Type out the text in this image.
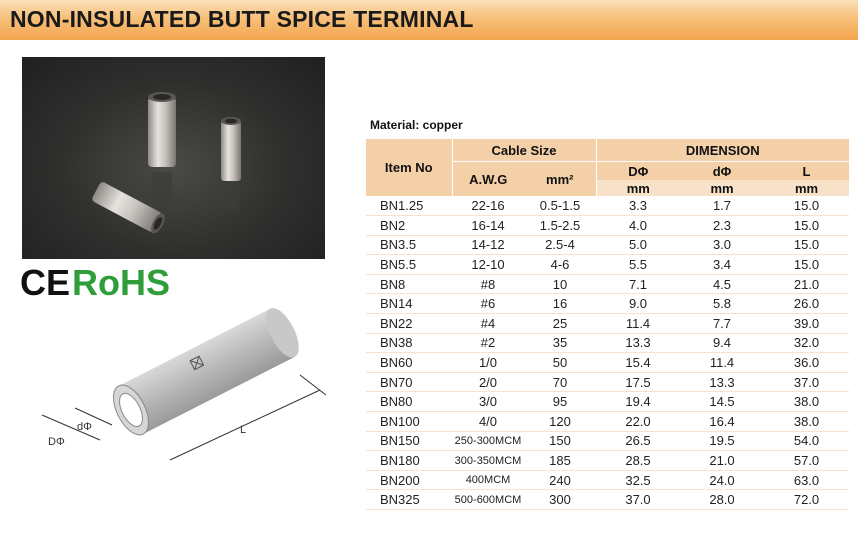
NON-INSULATED BUTT SPICE TERMINAL
CERoHS
DΦ
dΦ	L
Material: copper
Item No	Cable Size		DIMENSION		
	A.W.G	mm²	DΦ	dΦ	L
			mm	mm	mm
BN1.25	22-16	0.5-1.5	3.3	1.7	15.0
BN2	16-14	1.5-2.5	4.0	2.3	15.0
BN3.5	14-12	2.5-4	5.0	3.0	15.0
BN5.5	12-10	4-6	5.5	3.4	15.0
BN8	#8	10	7.1	4.5	21.0
BN14	#6	16	9.0	5.8	26.0
BN22	#4	25	11.4	7.7	39.0
BN38	#2	35	13.3	9.4	32.0
BN60	1/0	50	15.4	11.4	36.0
BN70	2/0	70	17.5	13.3	37.0
BN80	3/0	95	19.4	14.5	38.0
BN100	4/0	120	22.0	16.4	38.0
BN150	250-300MCM	150	26.5	19.5	54.0
BN180	300-350MCM	185	28.5	21.0	57.0
BN200	400MCM	240	32.5	24.0	63.0
BN325	500-600MCM	300	37.0	28.0	72.0
